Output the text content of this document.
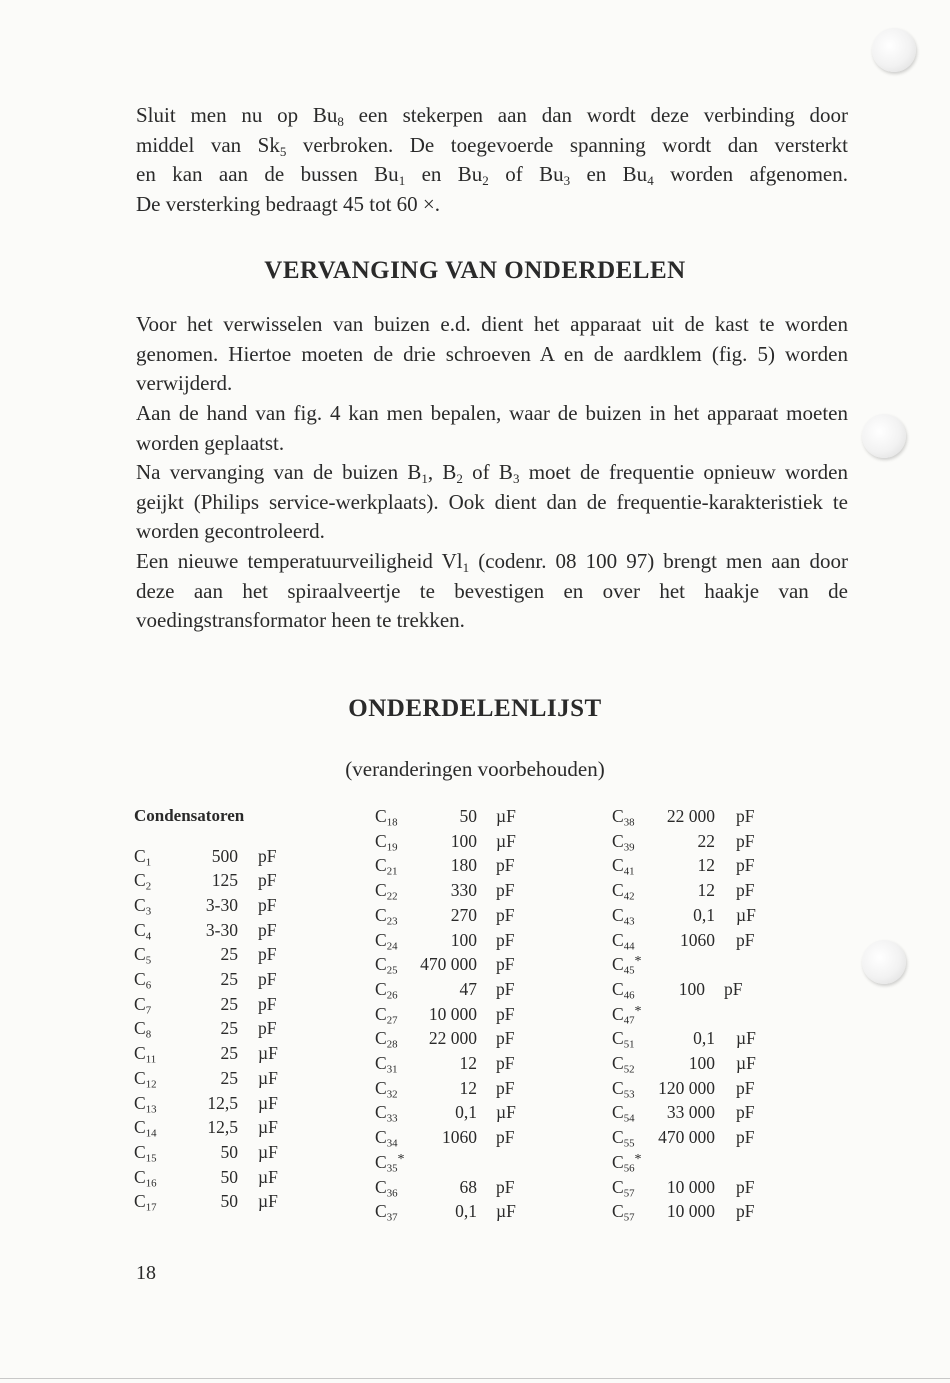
Sluit men nu op $Bu_8$ een stekerpen aan dan wordt deze verbinding door
middel van $Sk_5$ verbroken. De toegevoerde spanning wordt dan versterkt
en kan aan de bussen $Bu_1$ en $Bu_2$ of $Bu_3$ en $Bu_4$ worden afgenomen.
De versterking bedraagt 45 tot 60 ×.
VERVANGING VAN ONDERDELEN

Voor het verwisselen van buizen e.d. dient het apparaat uit de kast te worden genomen. Hiertoe moeten de drie schroeven A en de aardklem (fig. 5) worden verwijderd.

Aan de hand van fig. 4 kan men bepalen, waar de buizen in het apparaat moeten worden geplaatst.

Na vervanging van de buizen $B_1$, $B_2$ of $B_3$ moet de frequentie opnieuw worden geijkt (Philips service-werkplaats). Ook dient dan de frequentie-karakteristiek te worden gecontroleerd.

Een nieuwe temperatuurveiligheid $Vl_1$ (codenr. 08 100 97) brengt men aan door deze aan het spiraalveertje te bevestigen en over het haakje van de voedingstransformator heen te trekken.

ONDERDELENLIJST

(veranderingen voorbehouden)

Condensatoren
$C_1$	500 pF
$C_2$	125 pF
$C_3$	3-30 pF
$C_4$	3-30 pF
$C_5$	25 pF
$C_6$	25 pF
$C_7$	25 pF
$C_8$	25 pF
$C_{11}$	25 µF
$C_{12}$	25 µF
$C_{13}$	12,5 µF
$C_{14}$	12,5 µF
$C_{15}$	50 µF
$C_{16}$	50 µF
$C_{17}$	50 µF
$C_{18}$	50 µF
$C_{19}$	100 µF
$C_{21}$	180 pF
$C_{22}$	330 pF
$C_{23}$	270 pF
$C_{24}$	100 pF
$C_{25}$	470 000 pF
$C_{26}$	47 pF
$C_{27}$	10 000 pF
$C_{28}$	22 000 pF
$C_{31}$	12 pF
$C_{32}$	12 pF
$C_{33}$	0,1 µF
$C_{34}$	1060 pF
$C_{35}^*$
$C_{36}$	68 pF
$C_{37}$	0,1 µF
$C_{38}$	22 000 pF
$C_{39}$	22 pF
$C_{41}$	12 pF
$C_{42}$	12 pF
$C_{43}$	0,1 µF
$C_{44}$	1060 pF
$C_{45}^*$
$C_{46}$	100 pF
$C_{47}^*$
$C_{51}$	0,1 µF
$C_{52}$	100 µF
$C_{53}$	120 000 pF
$C_{54}$	33 000 pF
$C_{55}$	470 000 pF
$C_{56}^*$
$C_{57}$	10 000 pF
$C_{57}$	10 000 pF
18
